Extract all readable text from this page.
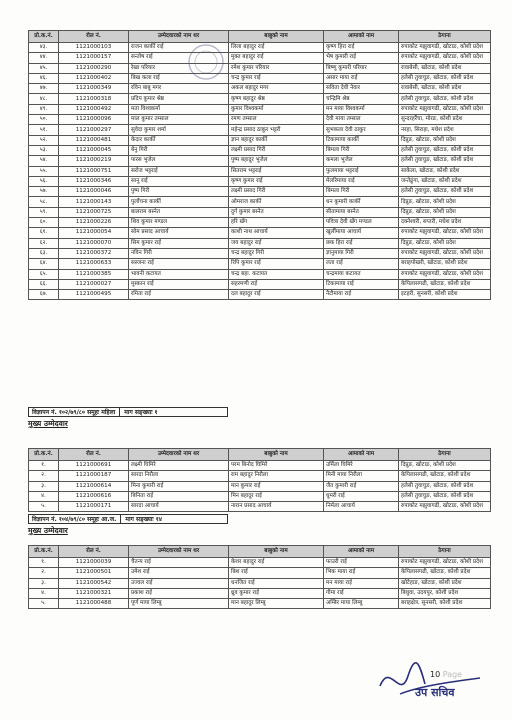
प्रो.क.नं.	रोल नं.	उम्मेदवारको नाम थर	बाबुको नाम	आमाको नाम	ठेगाना
४३.	1121000103	राजन कार्की राई	लिला बहादुर राई	कृष्ण हिरा राई	रुपाकोट मझुवागढी, खोटाङ, कोशी प्रदेश
४४.	1121000157	सन्तोष राई	मुक्त बहादुर राई	भेष कुमारी राई	रुपाकोट मझुवागढी, खोटाङ, कोशी प्रदेश
४५.	1121000290	रेखा परियार	रमेश कुमार परियार	बिष्णु कुमारी परियार	रावाबेसी, खोटाङ, कोशी प्रदेश
४६.	1121000402	बिख कला राई	चन्द्र कुमार राई	असार माया राई	हलेसी तुवाचुङ, खोटाङ, कोशी प्रदेश
४७.	1121000349	रविन बाबु मगर	अकल बहादुर मगर	सविता देवी नेवार	रावाबेसी, खोटाङ, कोशी प्रदेश
४८.	1121000318	प्रदिप कुमार श्रेष्ठ	कृष्ण बहादुर श्रेष्ठ	चन्द्रिमि श्रेष्ठ	हलेसी तुवाचुङ, खोटाङ, कोशी प्रदेश
४९.	1121000492	मता विश्वकर्मा	कुमार विश्वकर्मा	मन माया विश्वकर्मा	रुपाकोट मझुवागढी, खोटाङ, कोशी प्रदेश
५०.	1121000096	माल कुमार तम्साल	रमण तम्साल	देवी माया तम्साल	सुन्दरहरैंचा, मोरङ, कोशी प्रदेश
५१.	1121000297	सुवेदा कुमार शर्मा	महेन्द्र प्रसाद ठाकुर भट्टरी	सुभकला देवी ठाकुर	नरहा, सिराहा, मधेश प्रदेश
५२.	1121000481	केदार कार्की	ज्ञान बहादुर कार्की	टिकामाया कार्की	दिप्रुङ, खोटाङ, कोशी प्रदेश
५३.	1121000045	बेनु गिरी	लक्ष्मी प्रसाद गिरी	बिमला गिरी	हलेसी तुवाचुङ, खोटाङ, कोशी प्रदेश
५४.	1121000219	पारस भुजेल	पुष्प बहादुर भुजेल	कमला भुजेल	हलेसी तुवाचुङ, खोटाङ, कोशी प्रदेश
५५.	1121000751	सरोज भट्टराई	सितराम भट्टराई	फुलमाया भट्टराई	साकेला, खोटाङ, कोशी प्रदेश
५६.	1121000346	सानु राई	कृष्ण कुमार राई	मेलरिमाया राई	जन्तेढुंगा, खोटाङ, कोशी प्रदेश
५७.	1121000046	पुष्प गिरी	लक्ष्मी प्रसाद गिरी	बिमला गिरी	हलेसी तुवाचुङ, खोटाङ, कोशी प्रदेश
५८.	1121000143	पुर्लोचना कार्की	ओमराज कार्की	धन कुमारी कार्की	दिप्रुङ, खोटाङ, कोशी प्रदेश
५९.	1121000725	बालराम बस्नेत	दुर्ग कुमार बस्नेत	सीतामाया बस्नेत	दिप्रुङ, खोटाङ, कोशी प्रदेश
६०.	1121000226	शिव कुमार मण्डल	हरि खँग	पवित्रा देवी खँग मण्डल	दक्नेश्वरी, सप्तरी, मधेश प्रदेश
६१.	1121000054	सोम प्रसाद आचार्य	काशी नाथ आचार्य	खुर्लीमाया आचार्य	रुपाकोट मझुवागढी, खोटाङ, कोशी प्रदेश
६२.	1121000070	सिम कुमार राई	जय बहादुर राई	छक हिरा राई	दिप्रुङ, खोटाङ, कोशी प्रदेश
६३.	1121000372	नविन गिरी	चन्द्र बहादुर गिरी	ज्ञानुमाया गिरी	रुपाकोट मझुवागढी, खोटाङ, कोशी प्रदेश
६४.	1121000633	सस्जना राई	रिपि कुमार राई	लता राई	बराहपोखरी, खोटाङ, कोशी प्रदेश
६५.	1121000385	भावनी कटायत	चन्द्र बहा. कटायत	चन्द्रमाया कटायत	रुपाकोट मझुवागढी, खोटाङ, कोशी प्रदेश
६६.	1121000027	मुस्कान राई	सहरमणी राई	टिकामाया राई	केपिलासगढी, खोटाङ, कोशी प्रदेश
६७.	1121000495	रमिता राई	दल बहादुर राई	नैटौमाया राई	इटहरी, सुनसरी, कोशी प्रदेश
विज्ञापन नं. १०२/७९/८० समूहः महिला माग सङ्ख्याः १
मुख्य उम्मेदवार
प्रो.क.नं.	रोल नं.	उम्मेदवारको नाम थर	बाबुको नाम	आमाको नाम	ठेगाना
१.	1121000691	लक्ष्मी घिमिरे	परम बिनोद घिमिरे	उर्मिला घिमिरे	दिप्रुङ, खोटाङ, कोशी प्रदेश
२.	1121000187	सारदा निरौला	राम बहादुर निरौला	मिनी माया निरौला	केपिलासगढी, खोटाङ, कोशी प्रदेश
३.	1121000614	मिना कुमारी राई	मान कुमार राई	जैत कुमारी राई	हलेसी तुवाचुङ, खोटाङ, कोशी प्रदेश
४.	1121000616	बिनिता राई	मिन बहादुर राई	धुमरी राई	हलेसी तुवाचुङ, खोटाङ, कोशी प्रदेश
५.	1121000171	सारदा आचार्य	नारान प्रसाद आचार्य	निर्मला आचार्य	रुपाकोट मझुवागढी, खोटाङ, कोशी प्रदेश
विज्ञापन नं. १०४/७९/८० समूहः आ.ज. माग सङ्ख्याः १४
मुख्य उम्मेदवार
प्रो.क.नं.	रोल नं.	उम्मेदवारको नाम थर	बाबुको नाम	आमाको नाम	ठेगाना
१.	1121000039	चैतन्य राई	केशर बहादुर राई	फाउरी राई	रुपाकोट मझुवागढी, खोटाङ, कोशी प्रदेश
२.	1121000501	उमेश राई	बिश राई	भिक माया राई	केपिलासगढी, खोटाङ, कोशी प्रदेश
३.	1121000542	उज्वल राई	धनजित राई	मन माया राई	खोटेहाङ, खोटाङ, कोशी प्रदेश
४.	1121000321	प्रकाश राई	ध्रुव कुमार राई	गौमा राई	बिधुवा, उदयपुर, कोशी प्रदेश
५.	1121000488	पूर्ण माया लिम्बु	मान बहादुर लिम्बु	अम्बिर माया लिम्बु	बराहक्षेत्र, सुनसरी, कोशी प्रदेश
10 Page
उप सचिव
